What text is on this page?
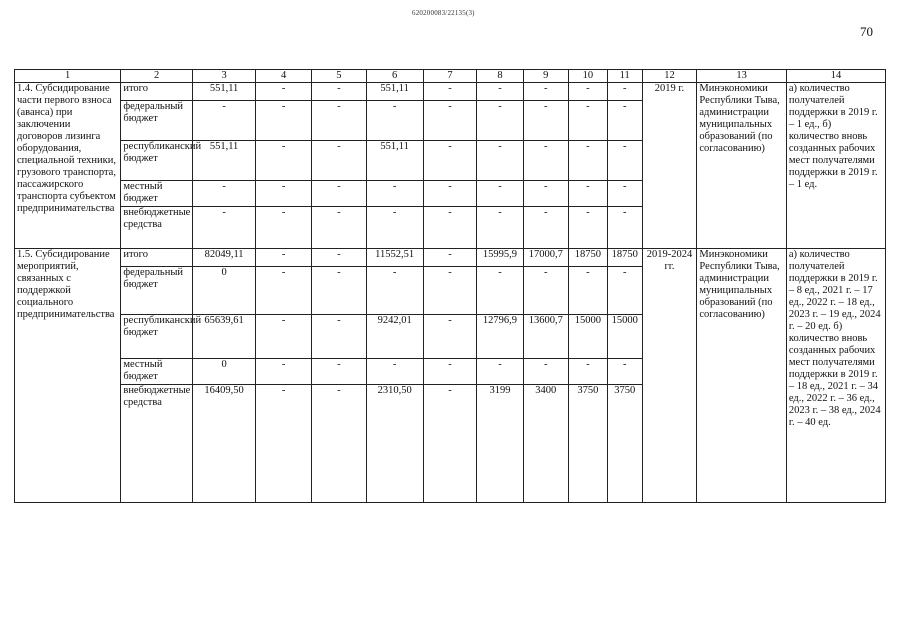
620200083/22135(3)
70
1	2	3	4	5	6	7	8	9	10	11	12	13	14
1.4. Субсидирование части первого взноса (аванса) при заключении договоров лизинга оборудования, специальной техники, грузового транспорта, пассажирского транспорта субъектом предпринимательства	итого	551,11	-	-	551,11	-	-	-	-	-	2019 г.	Минэкономики Республики Тыва, администрации муниципальных образований (по согласованию)	а) количество получателей поддержки в 2019 г. – 1 ед., б) количество вновь созданных рабочих мест получателями поддержки в 2019 г. – 1 ед.
	федеральный бюджет	-	-	-	-	-	-	-	-	-			
	республиканский бюджет	551,11	-	-	551,11	-	-	-	-	-			
	местный бюджет	-	-	-	-	-	-	-	-	-			
	внебюджетные средства	-	-	-	-	-	-	-	-	-			
1.5. Субсидирование мероприятий, связанных с поддержкой социального предпринимательства	итого	82049,11	-	-	11552,51	-	15995,9	17000,7	18750	18750	2019-2024 гг.	Минэкономики Республики Тыва, администрации муниципальных образований (по согласованию)	а) количество получателей поддержки в 2019 г. – 8 ед., 2021 г. – 17 ед., 2022 г. – 18 ед., 2023 г. – 19 ед., 2024 г. – 20 ед. б) количество вновь созданных рабочих мест получателями поддержки в 2019 г. – 18 ед., 2021 г. – 34 ед., 2022 г. – 36 ед., 2023 г. – 38 ед., 2024 г. – 40 ед.
	федеральный бюджет	0	-	-	-	-	-	-	-	-			
	республиканский бюджет	65639,61	-	-	9242,01	-	12796,9	13600,7	15000	15000			
	местный бюджет	0	-	-	-	-	-	-	-	-			
	внебюджетные средства	16409,50	-	-	2310,50	-	3199	3400	3750	3750			
